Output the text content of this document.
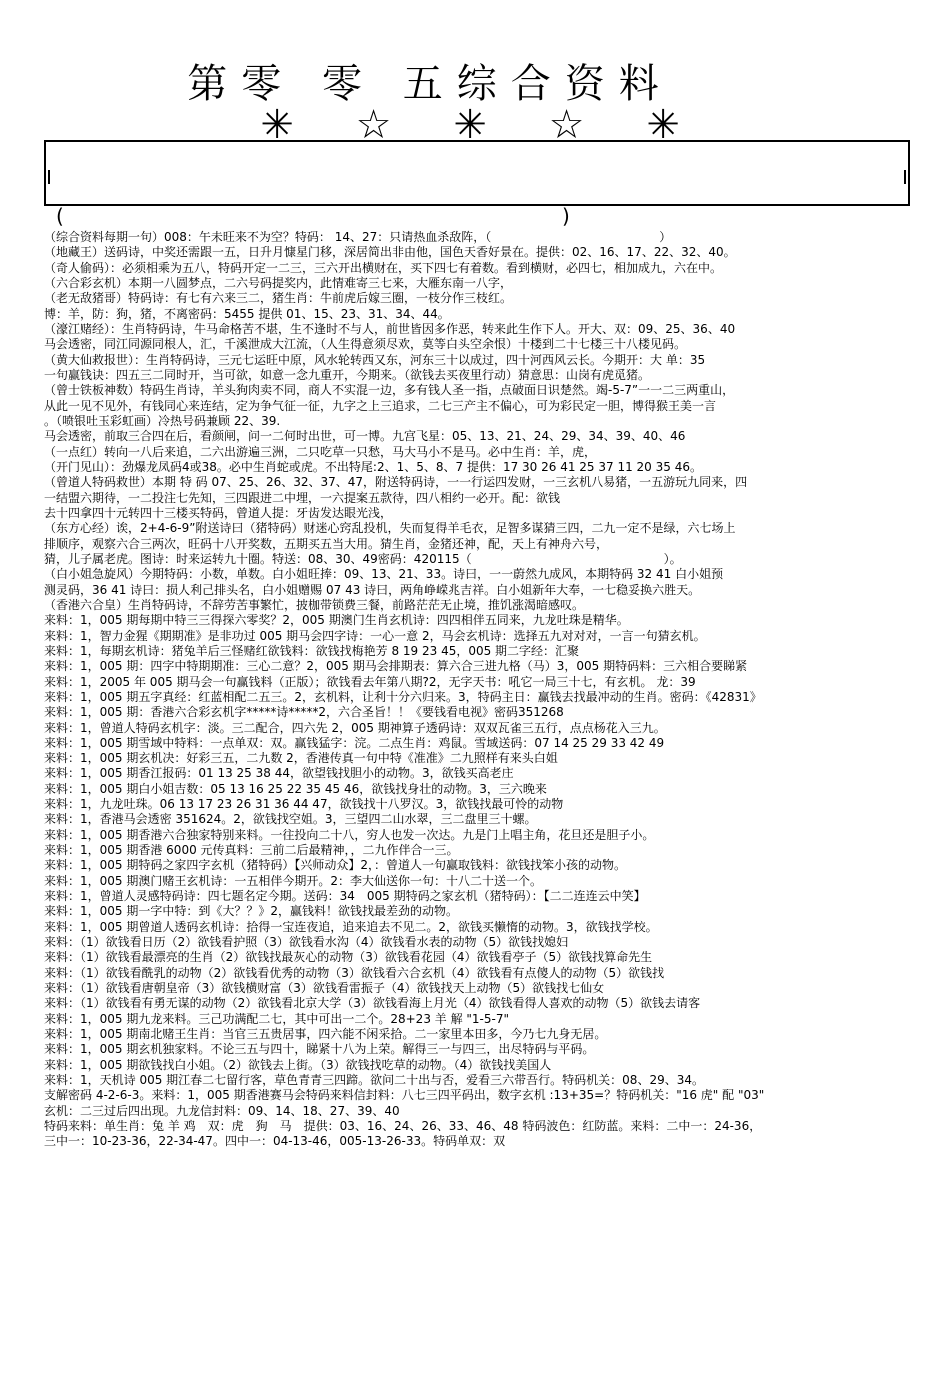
第零 零 五综合资料
✳ ☆ ✳ ☆ ✳
(	)
（综合资料每期一句）008：午未旺来不为空？特码： 14、27：只请热血杀敌阵，（　　　　　　　　　　　　　　）
（地藏王）送码诗，中奖还需跟一五，日升月慷星门移，深居简出非由他，国色天香好景在。提供：02、16、17、22、32、40。
（奇人偷码）：必须相乘为五八，特码开定一二三，三六开出横财在，买下四七有着数。看到横财，必四七，相加成九，六在中。
（六合彩玄机）本期一八圆梦点，二六号码提奖内，此情难寄三七来，大雁东南一八字，
（老无敌猪哥）特码诗：有七有六来三二，猪生肖：牛前虎后嫁三圈，一枝分作三枝红。
博：羊，防：狗，猪，不离密码：5455 提供 01、15、23、31、34、44。
（濠江赌经）：生肖特码诗，牛马命格苦不堪，生不逢时不与人，前世皆因多作恶，转来此生作下人。开大、双：09、25、36、40
马会透密，同江同源同根人，汇，千溪泄成大江流，（人生得意须尽欢，莫等白头空余恨）十楼到二十七楼三十八楼见码。
（黄大仙救报世）：生肖特码诗，三元七运旺中原，风水轮转西又东，河东三十以成过，四十河西风云长。今期开：大 单：35
一句赢钱诀：四五三二同时开，当可欲，如意一念九重开，今期来。（欲钱去买夜里行动）猜意思：山岗有虎觅猪。
（曾士铁板神数）特码生肖诗，羊头狗肉卖不同，商人不实混一边，多有钱人圣一指，点破面日识楚然。竭-5-7”一一二三两重山，
从此一见不见外，有钱同心来连结，定为争气征一征，九字之上三追求，二七三产主不偏心，可为彩民定一胆，博得猴王美一言
。（喷银吐玉彩虹画）冷热号码兼顾 22、39.
马会透密，前取三合四在后，看颜闸，问一二何时出世，可一博。九宫飞星：05、13、21、24、29、34、39、40、46
（一点红）转向一八后来追，二六出游遍三洲，二只吃草一只愁，马大马小不是马。必中生肖：羊，虎，
（开门见山）：劲爆龙凤码4或38。必中生肖蛇或虎。不出特尾:2、1、5、8、7 提供：17 30 26 41 25 37 11 20 35 46。
（曾道人特码救世）本期 特 码 07、25、26、32、37、47，附送特码诗，一一行运四发财，一三玄机八易猪，一五游玩九同来，四
一结盟六期待，一二投注七先知，三四跟进二中埋，一六提案五款待，四八相约一必开。配：欲钱
去十四拿四十元转四十三楼买特码，曾道人提：牙齿发达眼光浅，
（东方心经）诶，2+4-6-9”附送诗曰（猪特码）财迷心窍乱投机，失而复得羊毛衣，足智多谋猜三四，二九一定不是绿，六七场上
排顺序，观察六合三两次，旺码十八开奖数，五期买五当大用。猜生肖，金猪还神，配，天上有神舟六号，
猜，儿子属老虎。图诗：时来运转九十圈。特送：08、30、49密码：420115（　　　　　　　　　　　　　　　　）。
（白小姐急旋风）今期特码：小数，单数。白小姐旺捧：09、13、21、33。诗曰，一一蔚然九成风，本期特码 32 41 白小姐预
测灵码，36 41 诗曰：损人利己排头名，白小姐赠赐 07 43 诗曰，两角峥嵘兆吉祥。白小姐新年大奉，一七稳妥换六胜天。
（香港六合皇）生肖特码诗，不辞劳苦事繁忙，披枷带锁费三餐，前路茫茫无止境，推饥涨渴暗感叹。
来料：1，005 期每期中特三三得探六零奖？2，005 期澳门生肖玄机诗：四四相伴五同来，九龙吐珠是精华。
来料：1，智力金猩《期期准》是非功过 005 期马会四字诗：一心一意 2，马会玄机诗：选择五九对对对，一言一句猜玄机。
来料：1，每期玄机诗：猪兔羊后三怪赌红欲钱料：欲钱找梅艳芳 8 19 23 45，005 期二字经：汇聚
来料：1，005 期：四字中特期期准：三心二意？2，005 期马会排期表：算六合三进九格（马）3，005 期特码料：三六相合要睇紧
来料：1，2005 年 005 期马会一句赢钱料（正版）；欲钱看去年第八期?2，无字天书：吼它一局三十七，有玄机。 龙：39
来料：1，005 期五字真经：红蓝相配二五三。2，玄机料，让利十分六归来。3，特码主日：赢钱去找最冲动的生肖。密码：《42831》
来料：1，005 期：香港六合彩玄机字*****诗*****2，六合圣旨！！《要钱看电视》密码351268
来料：1，曾道人特码玄机字：淡。三二配合，四六先 2，005 期神算子透码诗：双双瓦雀三五行，点点杨花入三九。
来料：1，005 期雪域中特料：一点单双：双。赢钱猛字：浣。二点生肖：鸡鼠。雪域送码：07 14 25 29 33 42 49
来料：1，005 期玄机决：好彩三五，二九数 2，香港传真一句中特《准准》二九照样有来头白姐
来料：1，005 期香江报码：01 13 25 38 44，欲望钱找胆小的动物。3，欲钱买高老庄
来料：1，005 期白小姐吉数：05 13 16 25 22 35 45 46，欲钱找身壮的动物。3，三六晚来
来料：1，九龙吐珠。06 13 17 23 26 31 36 44 47，欲钱找十八罗汉。3，欲钱找最可怜的动物
来料：1，香港马会透密 351624。2，欲钱找空姐。3，三望四二山水翠，三二盘里三十螺。
来料：1，005 期香港六合独家特别来料。一往投向二十八，穷人也发一次达。九是门上唱主角，花旦还是胆子小。
来料：1，005 期香港 6000 元传真料：三前二后最精神，，二九作伴合一三。
来料：1，005 期特码之家四字玄机（猪特码）【兴师动众】2，：曾道人一句赢取钱料：欲钱找笨小孩的动物。
来料：1，005 期澳门赌王玄机诗：一五相伴今期开。2：李大仙送你一句：十八二十送一个。
来料：1，曾道人灵感特码诗：四七题名定今期。送码：34　005 期特码之家玄机（猪特码）：【二二连连云中笑】
来料：1，005 期一字中特：到《大？？》2，赢钱料！欲钱找最差劲的动物。
来料：1，005 期曾道人透码玄机诗：拾得一宝连夜追，追来追去不见二。2，欲钱买懒惰的动物。3，欲钱找学校。
来料：（1）欲钱看日历（2）欲钱看护照（3）欲钱看水沟（4）欲钱看水表的动物（5）欲钱找媳妇
来料：（1）欲钱看最漂亮的生肖（2）欲钱找最灰心的动物（3）欲钱看花园（4）欲钱看亭子（5）欲钱找算命先生
来料：（1）欲钱看酰乳的动物（2）欲钱看优秀的动物（3）欲钱看六合玄机（4）欲钱看有点傻人的动物（5）欲钱找
来料：（1）欲钱看唐朝皇帝（3）欲钱横财富（3）欲钱看雷振子（4）欲钱找天上动物（5）欲钱找七仙女
来料：（1）欲钱看有勇无谋的动物（2）欲钱看北京大学（3）欲钱看海上月光（4）欲钱看得人喜欢的动物（5）欲钱去请客
来料：1，005 期九龙来料。三己功满配二七，其中可出一二个。28+23 羊 解 "1-5-7"
来料：1，005 期南北赌王生肖：当官三五贵居事，四六能不闲采拾。二一家里本田多，今乃七九身无居。
来料：1，005 期玄机独家料。不论三五与四十，睇紧十八为上荣。解得三一与四三，出尽特码与平码。
来料：1，005 期欲钱找白小姐。（2）欲钱去上街。（3）欲钱找吃草的动物。（4）欲钱找美国人
来料：1，天机诗 005 期江春二七留行客，草色青青三四蹄。欲问二十出与否，爱看三六带吾行。特码机关：08、29、34。
支解密码 4-2-6-3。来料：1，005 期香港赛马会特码来料信封料：八七三四平码出，数字玄机 :13+35=？特码机关："16 虎" 配 "03"
玄机：二三过后四出现。九龙信封料：09、14、18、27、39、40
特码来料：单生肖：兔 羊 鸡　双：虎　狗　马　提供：03、16、24、26、33、46、48 特码波色：红防蓝。来料：二中一：24-36，
三中一：10-23-36，22-34-47。四中一：04-13-46，005-13-26-33。特码单双：双
